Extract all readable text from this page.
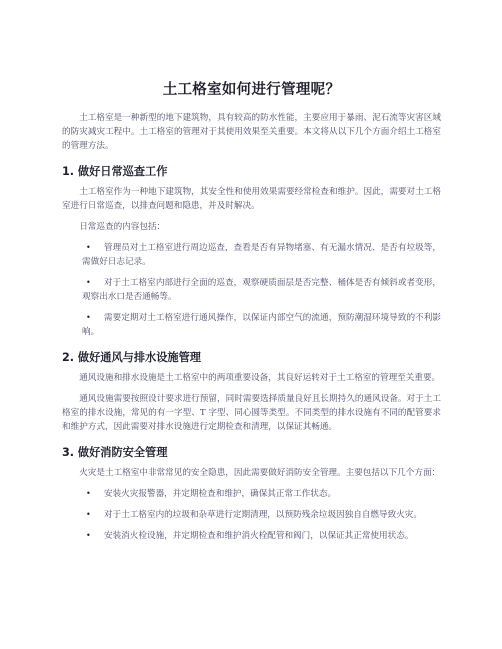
土工格室如何进行管理呢？

土工格室是一种新型的地下建筑物，具有较高的防水性能，主要应用于暴雨、泥石流等灾害区域的防灾减灾工程中。土工格室的管理对于其使用效果至关重要。本文将从以下几个方面介绍土工格室的管理方法。

1. 做好日常巡查工作

土工格室作为一种地下建筑物，其安全性和使用效果需要经常检查和维护。因此，需要对土工格室进行日常巡查，以排查问题和隐患，并及时解决。

日常巡查的内容包括：

• 管理员对土工格室进行周边巡查，查看是否有异物堵塞、有无漏水情况、是否有垃圾等，需做好日志记录。
• 对于土工格室内部进行全面的巡查，观察硬质面层是否完整、桶体是否有倾斜或者变形，观察出水口是否通畅等。
• 需要定期对土工格室进行通风操作，以保证内部空气的流通，预防潮湿环境导致的不利影响。
2. 做好通风与排水设施管理

通风设施和排水设施是土工格室中的两项重要设备，其良好运转对于土工格室的管理至关重要。

通风设施需要按照设计要求进行预留，同时需要选择质量良好且长期持久的通风设备。对于土工格室的排水设施，常见的有一字型、T 字型、同心圆等类型。不同类型的排水设施有不同的配管要求和维护方式，因此需要对排水设施进行定期检查和清理，以保证其畅通。

3. 做好消防安全管理

火灾是土工格室中非常常见的安全隐患，因此需要做好消防安全管理。主要包括以下几个方面：

• 安装火灾报警器，并定期检查和维护，确保其正常工作状态。
• 对于土工格室内的垃圾和杂草进行定期清理，以预防残余垃圾因独自自燃导致火灾。
• 安装消火栓设施，并定期检查和维护消火栓配管和阀门，以保证其正常使用状态。
